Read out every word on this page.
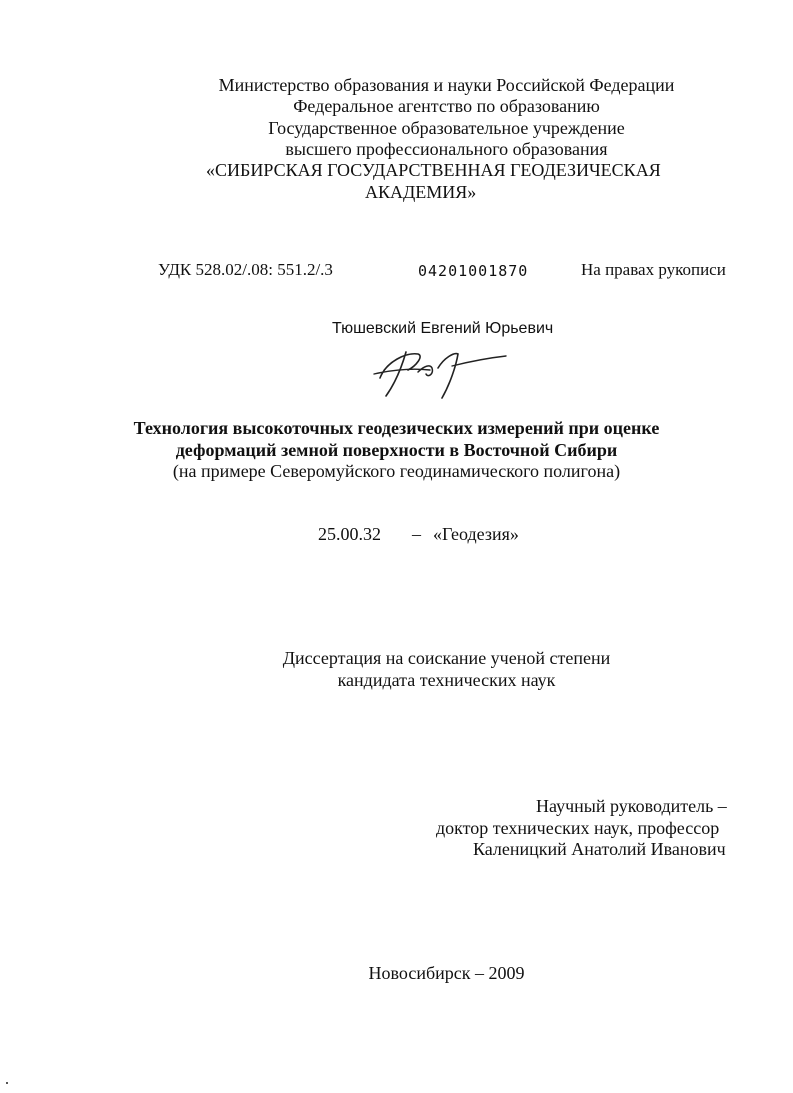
Министерство образования и науки Российской Федерации
Федеральное агентство по образованию
Государственное образовательное учреждение
высшего профессионального образования
«СИБИРСКАЯ ГОСУДАРСТВЕННАЯ ГЕОДЕЗИЧЕСКАЯ
АКАДЕМИЯ»
УДК 528.02/.08: 551.2/.3	04201001870	На правах рукописи
Тюшевский Евгений Юрьевич
Технология высокоточных геодезических измерений при оценке
деформаций земной поверхности в Восточной Сибири
(на примере Северомуйского геодинамического полигона)
25.00.32 – «Геодезия»
Диссертация на соискание ученой степени
кандидата технических наук
Научный руководитель –
доктор технических наук, профессор
Каленицкий Анатолий Иванович
Новосибирск – 2009
